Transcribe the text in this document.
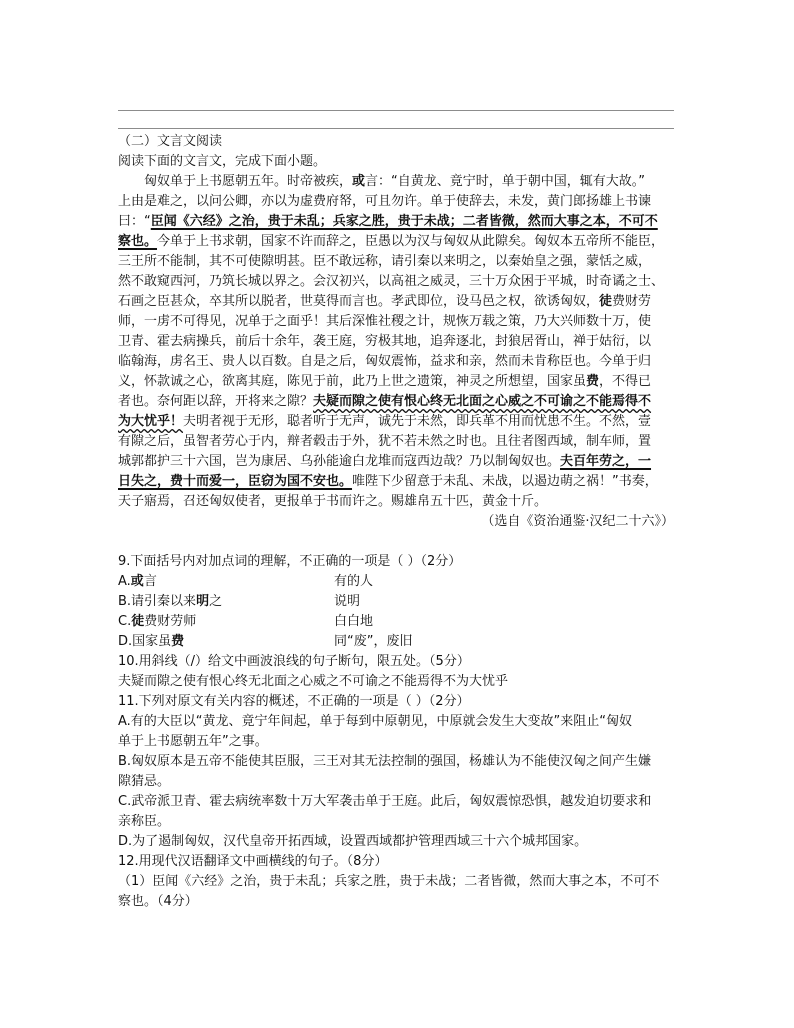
（二）文言文阅读
阅读下面的文言文，完成下面小题。
匈奴单于上书愿朝五年。时帝被疾，或言：“自黄龙、竟宁时，单于朝中国，辄有大故。”
上由是难之，以问公卿，亦以为虚费府帑，可且勿许。单于使辞去，未发，黄门郎扬雄上书谏
曰：“臣闻《六经》之治，贵于未乱；兵家之胜，贵于未战；二者皆微，然而大事之本，不可不
察也。今单于上书求朝，国家不许而辞之，臣愚以为汉与匈奴从此隙矣。匈奴本五帝所不能臣，
三王所不能制，其不可使隙明甚。臣不敢远称，请引秦以来明之，以秦始皇之强，蒙恬之威，
然不敢窥西河，乃筑长城以界之。会汉初兴，以高祖之威灵，三十万众困于平城，时奇谲之士、
石画之臣甚众，卒其所以脱者，世莫得而言也。孝武即位，设马邑之权，欲诱匈奴，徒费财劳
师，一虏不可得见，况单于之面乎！其后深惟社稷之计，规恢万载之策，乃大兴师数十万，使
卫青、霍去病操兵，前后十余年，袭王庭，穷极其地，追奔逐北，封狼居胥山，禅于姑衍，以
临翰海，虏名王、贵人以百数。自是之后，匈奴震怖，益求和亲，然而未肯称臣也。今单于归
义，怀款诚之心，欲离其庭，陈见于前，此乃上世之遗策，神灵之所想望，国家虽费，不得已
者也。奈何距以辞，开将来之隙？夫疑而隙之使有恨心终无北面之心威之不可谕之不能焉得不
为大忧乎！夫明者视于无形，聪者听于无声，诚先于未然，即兵革不用而忧患不生。不然，壹
有隙之后，虽智者劳心于内，辩者毂击于外，犹不若未然之时也。且往者图西域，制车师，置
城郭都护三十六国，岂为康居、乌孙能逾白龙堆而寇西边哉？乃以制匈奴也。夫百年劳之，一
日失之，费十而爱一，臣窃为国不安也。唯陛下少留意于未乱、未战，以遏边萌之祸！”书奏，
天子寤焉，召还匈奴使者，更报单于书而许之。赐雄帛五十匹，黄金十斤。
（选自《资治通鉴·汉纪二十六》）
9.下面括号内对加点词的理解，不正确的一项是（ ）（2分）
A.或言	有的人
B.请引秦以来明之	说明
C.徒费财劳师	白白地
D.国家虽费	同“废”，废旧
10.用斜线（/）给文中画波浪线的句子断句，限五处。（5分）
夫疑而隙之使有恨心终无北面之心威之不可谕之不能焉得不为大忧乎
11.下列对原文有关内容的概述，不正确的一项是（ ）（2分）
A.有的大臣以“黄龙、竟宁年间起，单于每到中原朝见，中原就会发生大变故”来阻止“匈奴
单于上书愿朝五年”之事。
B.匈奴原本是五帝不能使其臣服，三王对其无法控制的强国，杨雄认为不能使汉匈之间产生嫌
隙猜忌。
C.武帝派卫青、霍去病统率数十万大军袭击单于王庭。此后，匈奴震惊恐惧，越发迫切要求和
亲称臣。
D.为了遏制匈奴，汉代皇帝开拓西域，设置西域都护管理西域三十六个城邦国家。
12.用现代汉语翻译文中画横线的句子。（8分）
（1）臣闻《六经》之治，贵于未乱；兵家之胜，贵于未战；二者皆微，然而大事之本，不可不
察也。（4分）
